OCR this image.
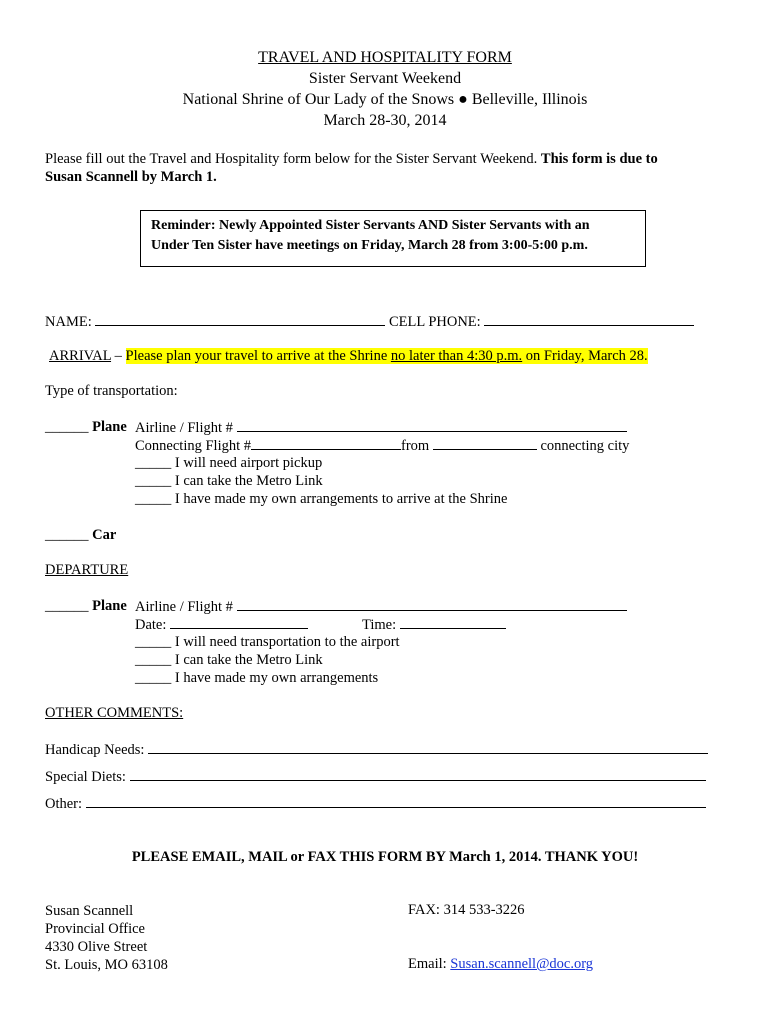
TRAVEL AND HOSPITALITY FORM
Sister Servant Weekend
National Shrine of Our Lady of the Snows ● Belleville, Illinois
March 28-30, 2014
Please fill out the Travel and Hospitality form below for the Sister Servant Weekend. This form is due to
Susan Scannell by March 1.
Reminder: Newly Appointed Sister Servants AND Sister Servants with an
Under Ten Sister have meetings on Friday, March 28 from 3:00-5:00 p.m.
NAME:	CELL PHONE:
ARRIVAL – Please plan your travel to arrive at the Shrine no later than 4:30 p.m. on Friday, March 28.
Type of transportation:
______ Plane Airline / Flight #
Connecting Flight #	from	connecting city
_____ I will need airport pickup
_____ I can take the Metro Link
_____ I have made my own arrangements to arrive at the Shrine
______ Car
DEPARTURE
______ Plane Airline / Flight #
Date:	Time:
_____ I will need transportation to the airport
_____ I can take the Metro Link
_____ I have made my own arrangements
OTHER COMMENTS:
Handicap Needs:
Special Diets:
Other:
PLEASE EMAIL, MAIL or FAX THIS FORM BY March 1, 2014. THANK YOU!
Susan Scannell
Provincial Office
4330 Olive Street
St. Louis, MO 63108
FAX: 314 533-3226
Email: Susan.scannell@doc.org
